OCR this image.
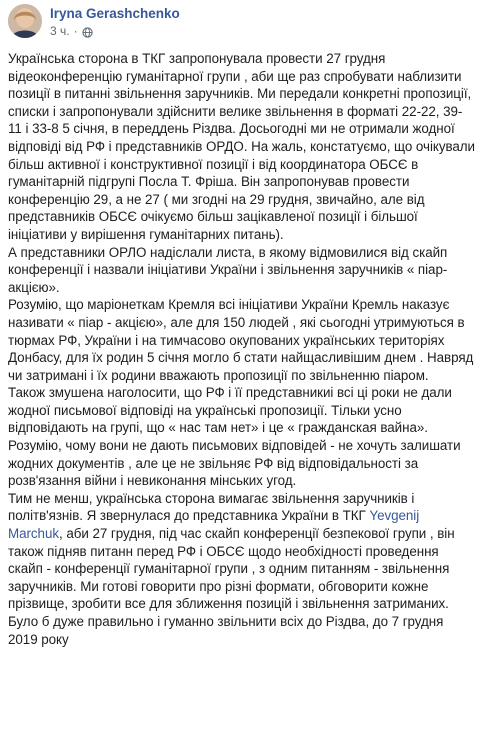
Iryna Gerashchenko
3 ч. ·

Українська сторона в ТКГ запропонувала провести 27 грудня відеоконференцію гуманітарної групи , аби ще раз спробувати наблизити позиції в питанні звільнення заручників. Ми передали конкретні пропозиції, списки і запропонували здійснити велике звільнення в форматі 22-22, 39-11 і 33-8 5 січня, в переддень Різдва. Досьогодні ми не отримали жодної відповіді від РФ і представників ОРДО. На жаль, констатуємо, що очікували більш активної і конструктивної позиції і від координатора ОБСЄ в гуманітарній підгрупі Посла Т. Фріша. Він запропонував провести конференцію 29, а не 27 ( ми згодні на 29 грудня, звичайно, але від представників ОБСЄ очікуємо більш зацікавленої позиції і більшої ініціативи у вирішення гуманітарних питань).

А представники ОРЛО надіслали листа, в якому відмовилися від скайп конференції і назвали ініціативи України і звільнення заручників « піар-акцією».

Розумію, що маріонеткам Кремля всі ініціативи України Кремль наказує називати « піар - акцією», але для 150 людей , які сьогодні утримуються в тюрмах РФ, України і на тимчасово окупованих українських територіях Донбасу, для їх родин 5 січня могло б стати найщасливішим днем . Навряд чи затримані і їх родини вважають пропозиції по звільненню піаром.

Також змушена наголосити, що РФ і її представникиі всі ці роки не дали жодної письмової відповіді на українські пропозиції. Тільки усно відповідають на групі, що « нас там нет» і це « гражданская вайна». Розумію, чому вони не дають письмових відповідей - не хочуть залишати жодних документів , але це не звільняє РФ від відповідальності за розв'язання війни і невиконання мінських угод.

Тим не менш, українська сторона вимагає звільнення заручників і політв'язнів. Я звернулася до представника України в ТКГ Yevgenij Marchuk, аби 27 грудня, під час скайп конференції безпекової групи , він також підняв питанн перед РФ і ОБСЄ щодо необхідності проведення скайп - конференції гуманітарної групи , з одним питанням - звільнення заручників. Ми готові говорити про різні формати, обговорити кожне прізвище, зробити все для зближення позицій і звільнення затриманих. Було б дуже правильно і гуманно звільнити всіх до Різдва, до 7 грудня 2019 року
